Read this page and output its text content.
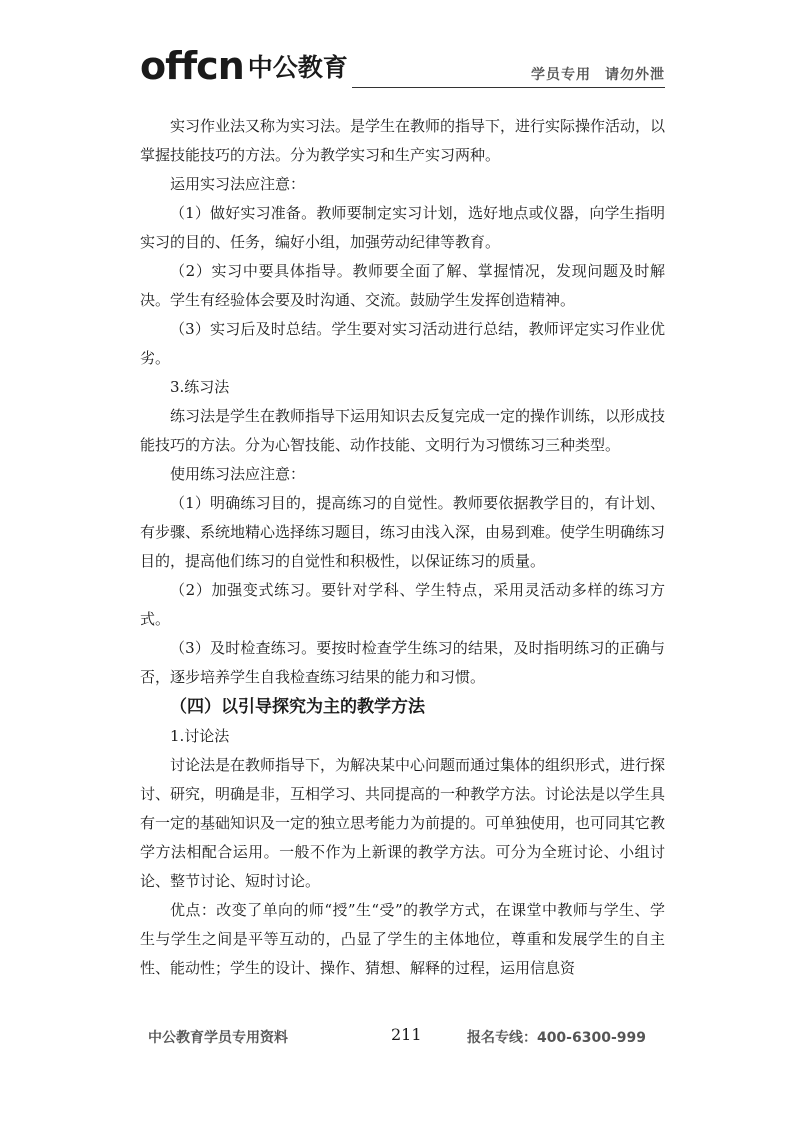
offcn 中公教育	学员专用 请勿外泄

实习作业法又称为实习法。是学生在教师的指导下，进行实际操作活动，以掌握技能技巧的方法。分为教学实习和生产实习两种。

运用实习法应注意：

（1）做好实习准备。教师要制定实习计划，选好地点或仪器，向学生指明实习的目的、任务，编好小组，加强劳动纪律等教育。

（2）实习中要具体指导。教师要全面了解、掌握情况，发现问题及时解决。学生有经验体会要及时沟通、交流。鼓励学生发挥创造精神。

（3）实习后及时总结。学生要对实习活动进行总结，教师评定实习作业优劣。

3.练习法

练习法是学生在教师指导下运用知识去反复完成一定的操作训练，以形成技能技巧的方法。分为心智技能、动作技能、文明行为习惯练习三种类型。

使用练习法应注意：

（1）明确练习目的，提高练习的自觉性。教师要依据教学目的，有计划、有步骤、系统地精心选择练习题目，练习由浅入深，由易到难。使学生明确练习目的，提高他们练习的自觉性和积极性，以保证练习的质量。

（2）加强变式练习。要针对学科、学生特点，采用灵活动多样的练习方式。

（3）及时检查练习。要按时检查学生练习的结果，及时指明练习的正确与否，逐步培养学生自我检查练习结果的能力和习惯。

（四）以引导探究为主的教学方法

1.讨论法

讨论法是在教师指导下，为解决某中心问题而通过集体的组织形式，进行探讨、研究，明确是非，互相学习、共同提高的一种教学方法。讨论法是以学生具有一定的基础知识及一定的独立思考能力为前提的。可单独使用，也可同其它教学方法相配合运用。一般不作为上新课的教学方法。可分为全班讨论、小组讨论、整节讨论、短时讨论。

优点：改变了单向的师“授”生“受”的教学方式，在课堂中教师与学生、学生与学生之间是平等互动的，凸显了学生的主体地位，尊重和发展学生的自主性、能动性；学生的设计、操作、猜想、解释的过程，运用信息资

中公教育学员专用资料	211	报名专线：400-6300-999
